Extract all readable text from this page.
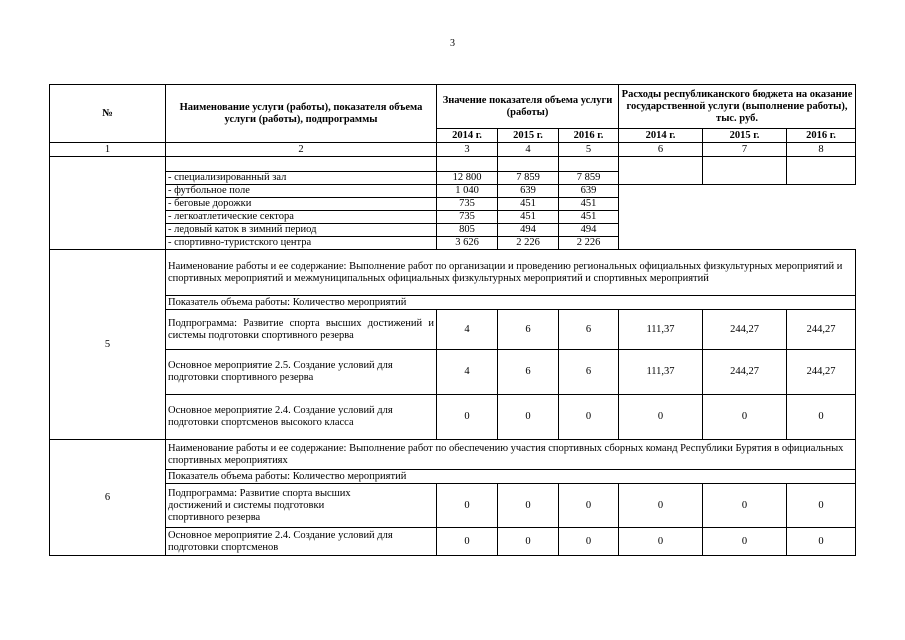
3
№	Наименование услуги (работы), показателя объема услуги (работы), подпрограммы	Значение показателя объема услуги (работы)			Расходы республиканского бюджета на оказание государственной услуги (выполнение работы), тыс. руб.		
		2014 г.	2015 г.	2016 г.	2014 г.	2015 г.	2016 г.
1	2	3	4	5	6	7	8

	- специализированный зал	12 800	7 859	7 859			
	- футбольное поле	1 040	639	639			
	- беговые дорожки	735	451	451			
	- легкоатлетические сектора	735	451	451			
	- ледовый каток в зимний период	805	494	494			
	- спортивно-туристского центра	3 626	2 226	2 226			
5	Наименование работы и ее содержание: Выполнение работ по организации и проведению региональных официальных физкультурных мероприятий и спортивных мероприятий и межмуниципальных официальных физкультурных мероприятий и спортивных мероприятий						
	Показатель объема работы: Количество мероприятий						
	Подпрограмма: Развитие спорта высших достижений и системы подготовки спортивного резерва	4	6	6	111,37	244,27	244,27
	Основное мероприятие 2.5. Создание условий для подготовки спортивного резерва	4	6	6	111,37	244,27	244,27
	Основное мероприятие 2.4. Создание условий для подготовки спортсменов высокого класса	0	0	0	0	0	0
6	Наименование работы и ее содержание: Выполнение работ по обеспечению участия спортивных сборных команд Республики Бурятия в официальных спортивных мероприятиях						
	Показатель объема работы: Количество мероприятий						
	Подпрограмма: Развитие спорта высших достижений и системы подготовки спортивного резерва	0	0	0	0	0	0
	Основное мероприятие 2.4. Создание условий для подготовки спортсменов	0	0	0	0	0	0
